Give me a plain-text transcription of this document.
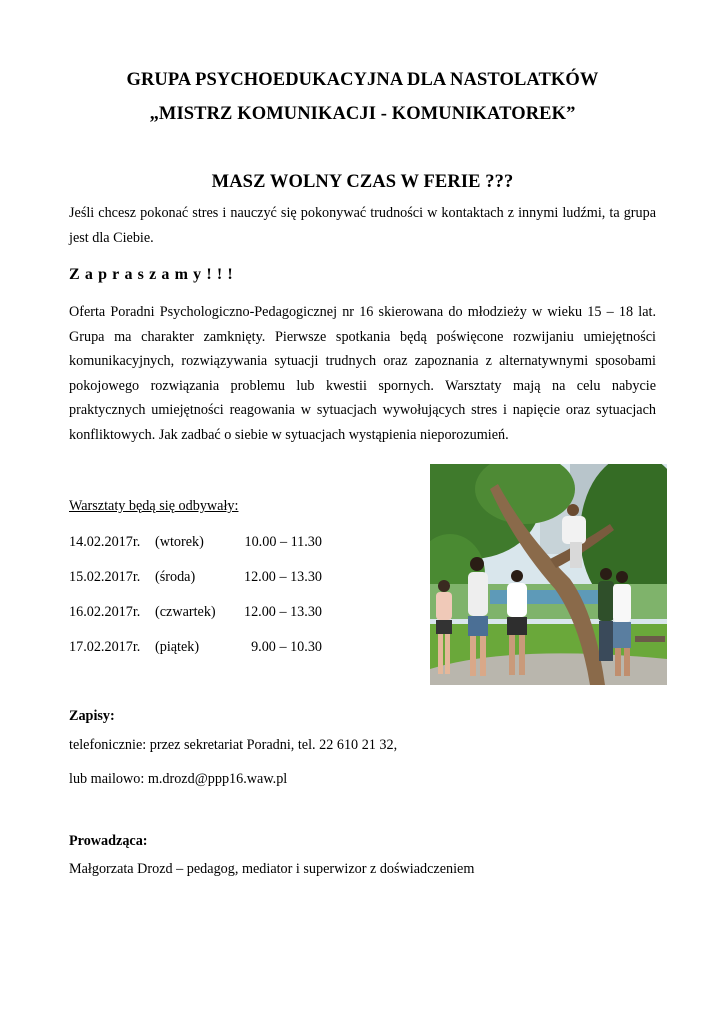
GRUPA PSYCHOEDUKACYJNA DLA NASTOLATKÓW
„MISTRZ KOMUNIKACJI - KOMUNIKATOREK”
MASZ WOLNY CZAS W FERIE ???
Jeśli chcesz pokonać stres i nauczyć się pokonywać trudności w kontaktach z innymi ludźmi, ta grupa jest dla Ciebie.
Zapraszamy!!!
Oferta Poradni Psychologiczno-Pedagogicznej nr 16 skierowana do młodzieży w wieku 15 – 18 lat. Grupa ma charakter zamknięty. Pierwsze spotkania będą poświęcone rozwijaniu umiejętności komunikacyjnych, rozwiązywania sytuacji trudnych oraz zapoznania z alternatywnymi sposobami pokojowego rozwiązania problemu lub kwestii spornych. Warsztaty mają na celu nabycie praktycznych umiejętności reagowania w sytuacjach wywołujących stres i napięcie oraz sytuacjach konfliktowych. Jak zadbać o siebie w sytuacjach wystąpienia nieporozumień.
Warsztaty będą się odbywały:
14.02.2017r. (wtorek)	10.00 – 11.30
15.02.2017r. (środa)	12.00 – 13.30
16.02.2017r. (czwartek)	12.00 – 13.30
17.02.2017r. (piątek)	9.00 – 10.30
Zapisy:
telefonicznie: przez sekretariat Poradni, tel. 22 610 21 32,
lub mailowo: m.drozd@ppp16.waw.pl
Prowadząca:
Małgorzata Drozd – pedagog, mediator i superwizor z doświadczeniem
